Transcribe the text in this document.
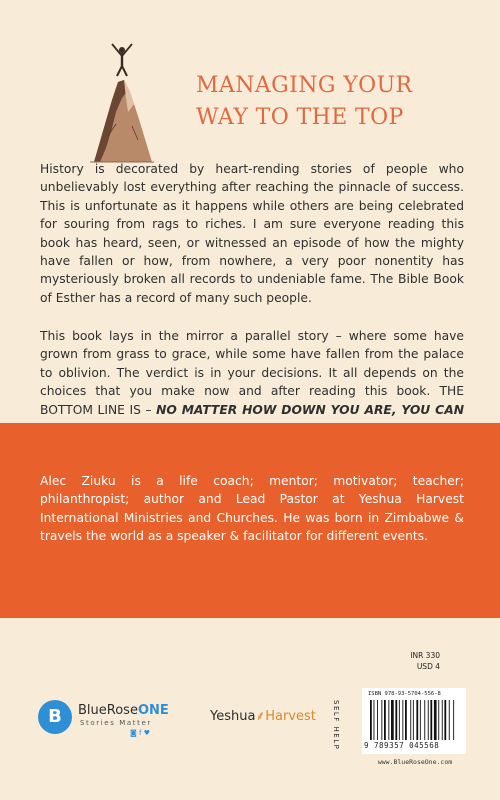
MANAGING YOUR
WAY TO THE TOP

History is decorated by heart-rending stories of people who unbelievably lost everything after reaching the pinnacle of success. This is unfortunate as it happens while others are being celebrated for souring from rags to riches. I am sure everyone reading this book has heard, seen, or witnessed an episode of how the mighty have fallen or how, from nowhere, a very poor nonentity has mysteriously broken all records to undeniable fame. The Bible Book of Esther has a record of many such people.

This book lays in the mirror a parallel story – where some have grown from grass to grace, while some have fallen from the palace to oblivion. The verdict is in your decisions. It all depends on the choices that you make now and after reading this book. THE BOTTOM LINE IS – NO MATTER HOW DOWN YOU ARE, YOU CAN

Alec Ziuku is a life coach; mentor; motivator; teacher; philanthropist; author and Lead Pastor at Yeshua Harvest International Ministries and Churches. He was born in Zimbabwe & travels the world as a speaker & facilitator for different events.

B	BlueRoseONE
Stories Matter
◙ f ♥
Yeshua⸙Harvest
INR 330
USD 4
SELF HELP
ISBN 978-93-5704-556-8
9 789357 045568
www.BlueRoseOne.com
